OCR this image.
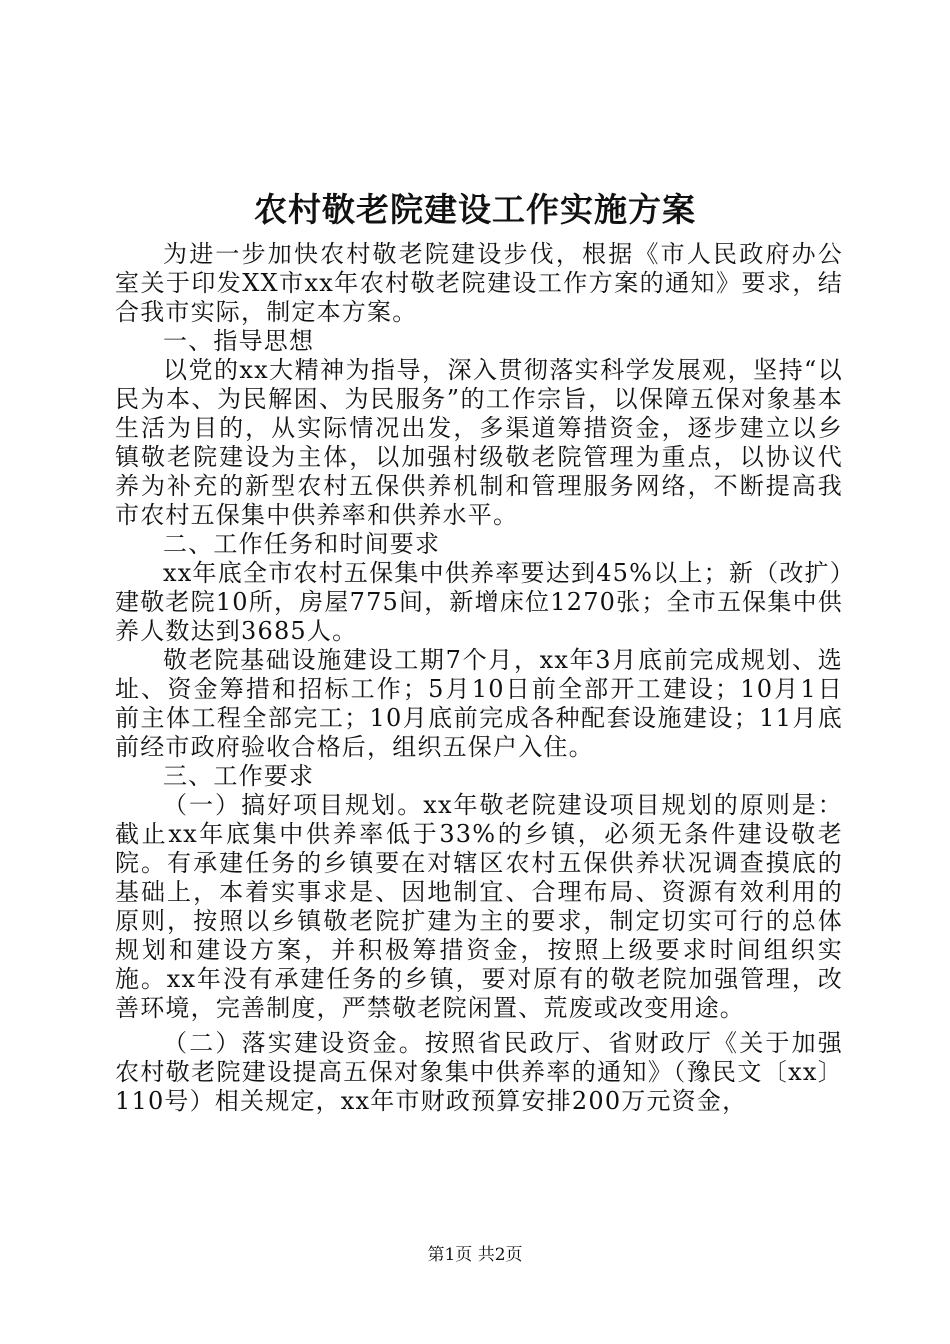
农村敬老院建设工作实施方案

为进一步加快农村敬老院建设步伐，根据《市人民政府办公室关于印发XX市xx年农村敬老院建设工作方案的通知》要求，结合我市实际，制定本方案。

一、指导思想

以党的xx大精神为指导，深入贯彻落实科学发展观，坚持“以民为本、为民解困、为民服务”的工作宗旨，以保障五保对象基本生活为目的，从实际情况出发，多渠道筹措资金，逐步建立以乡镇敬老院建设为主体，以加强村级敬老院管理为重点，以协议代养为补充的新型农村五保供养机制和管理服务网络，不断提高我市农村五保集中供养率和供养水平。

二、工作任务和时间要求

xx年底全市农村五保集中供养率要达到45%以上；新（改扩）建敬老院10所，房屋775间，新增床位1270张；全市五保集中供养人数达到3685人。

敬老院基础设施建设工期7个月，xx年3月底前完成规划、选址、资金筹措和招标工作；5月10日前全部开工建设；10月1日前主体工程全部完工；10月底前完成各种配套设施建设；11月底前经市政府验收合格后，组织五保户入住。

三、工作要求

（一）搞好项目规划。xx年敬老院建设项目规划的原则是：截止xx年底集中供养率低于33%的乡镇，必须无条件建设敬老院。有承建任务的乡镇要在对辖区农村五保供养状况调查摸底的基础上，本着实事求是、因地制宜、合理布局、资源有效利用的原则，按照以乡镇敬老院扩建为主的要求，制定切实可行的总体规划和建设方案，并积极筹措资金，按照上级要求时间组织实施。xx年没有承建任务的乡镇，要对原有的敬老院加强管理，改善环境，完善制度，严禁敬老院闲置、荒废或改变用途。

（二）落实建设资金。按照省民政厅、省财政厅《关于加强农村敬老院建设提高五保对象集中供养率的通知》（豫民文〔xx〕110号）相关规定，xx年市财政预算安排200万元资金，

第1页 共2页
